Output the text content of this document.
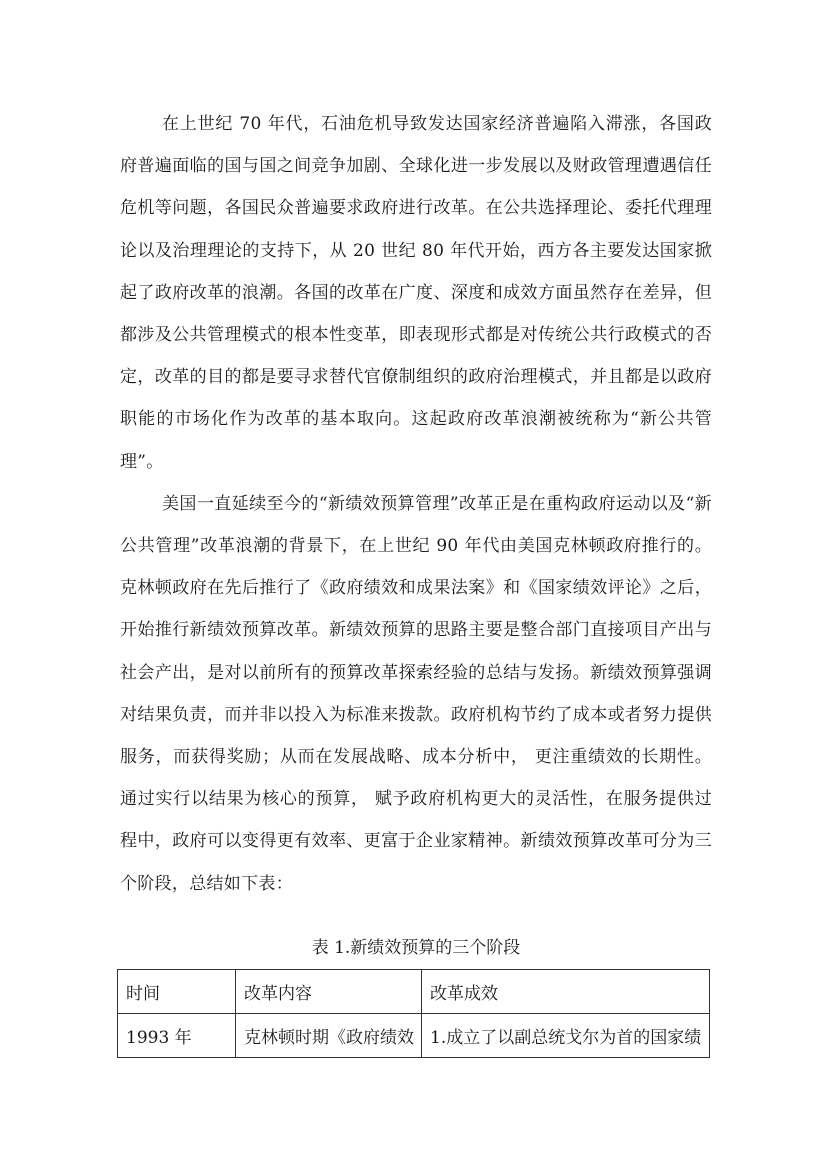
在上世纪 70 年代，石油危机导致发达国家经济普遍陷入滞涨，各国政府普遍面临的国与国之间竞争加剧、全球化进一步发展以及财政管理遭遇信任危机等问题，各国民众普遍要求政府进行改革。在公共选择理论、委托代理理论以及治理理论的支持下，从 20 世纪 80 年代开始，西方各主要发达国家掀起了政府改革的浪潮。各国的改革在广度、深度和成效方面虽然存在差异，但都涉及公共管理模式的根本性变革，即表现形式都是对传统公共行政模式的否定，改革的目的都是要寻求替代官僚制组织的政府治理模式，并且都是以政府职能的市场化作为改革的基本取向。这起政府改革浪潮被统称为“新公共管理”。

美国一直延续至今的“新绩效预算管理”改革正是在重构政府运动以及“新公共管理”改革浪潮的背景下，在上世纪 90 年代由美国克林顿政府推行的。克林顿政府在先后推行了《政府绩效和成果法案》和《国家绩效评论》之后，开始推行新绩效预算改革。新绩效预算的思路主要是整合部门直接项目产出与社会产出，是对以前所有的预算改革探索经验的总结与发扬。新绩效预算强调对结果负责，而并非以投入为标准来拨款。政府机构节约了成本或者努力提供服务，而获得奖励；从而在发展战略、成本分析中， 更注重绩效的长期性。通过实行以结果为核心的预算， 赋予政府机构更大的灵活性，在服务提供过程中，政府可以变得更有效率、更富于企业家精神。新绩效预算改革可分为三个阶段，总结如下表：

表 1.新绩效预算的三个阶段
时间	改革内容	改革成效
1993 年	克林顿时期《政府绩效	1.成立了以副总统戈尔为首的国家绩
